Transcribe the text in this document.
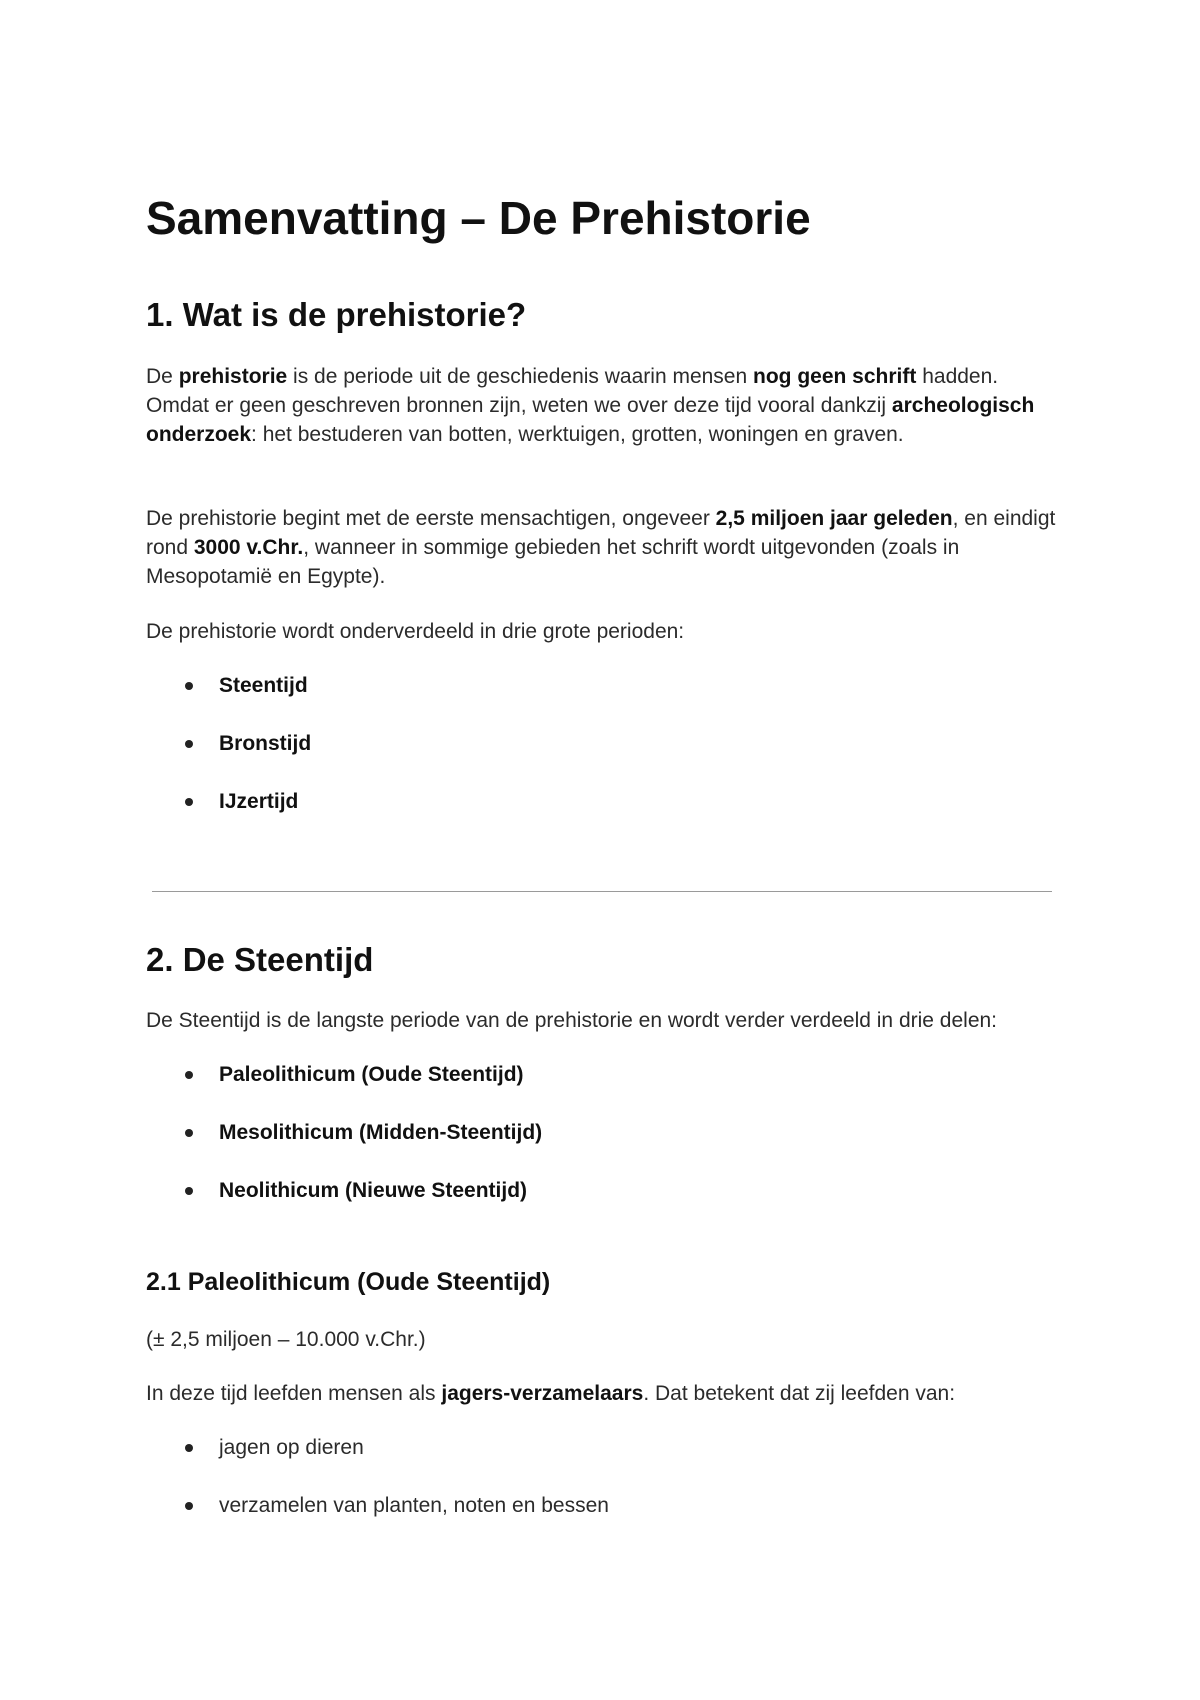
Samenvatting – De Prehistorie
1. Wat is de prehistorie?

De prehistorie is de periode uit de geschiedenis waarin mensen nog geen schrift hadden. Omdat er geen geschreven bronnen zijn, weten we over deze tijd vooral dankzij archeologisch onderzoek: het bestuderen van botten, werktuigen, grotten, woningen en graven.

De prehistorie begint met de eerste mensachtigen, ongeveer 2,5 miljoen jaar geleden, en eindigt rond 3000 v.Chr., wanneer in sommige gebieden het schrift wordt uitgevonden (zoals in Mesopotamië en Egypte).

De prehistorie wordt onderverdeeld in drie grote perioden:

Steentijd
Bronstijd
IJzertijd
2. De Steentijd

De Steentijd is de langste periode van de prehistorie en wordt verder verdeeld in drie delen:

Paleolithicum (Oude Steentijd)
Mesolithicum (Midden-Steentijd)
Neolithicum (Nieuwe Steentijd)
2.1 Paleolithicum (Oude Steentijd)

(± 2,5 miljoen – 10.000 v.Chr.)

In deze tijd leefden mensen als jagers-verzamelaars. Dat betekent dat zij leefden van:

jagen op dieren
verzamelen van planten, noten en bessen
